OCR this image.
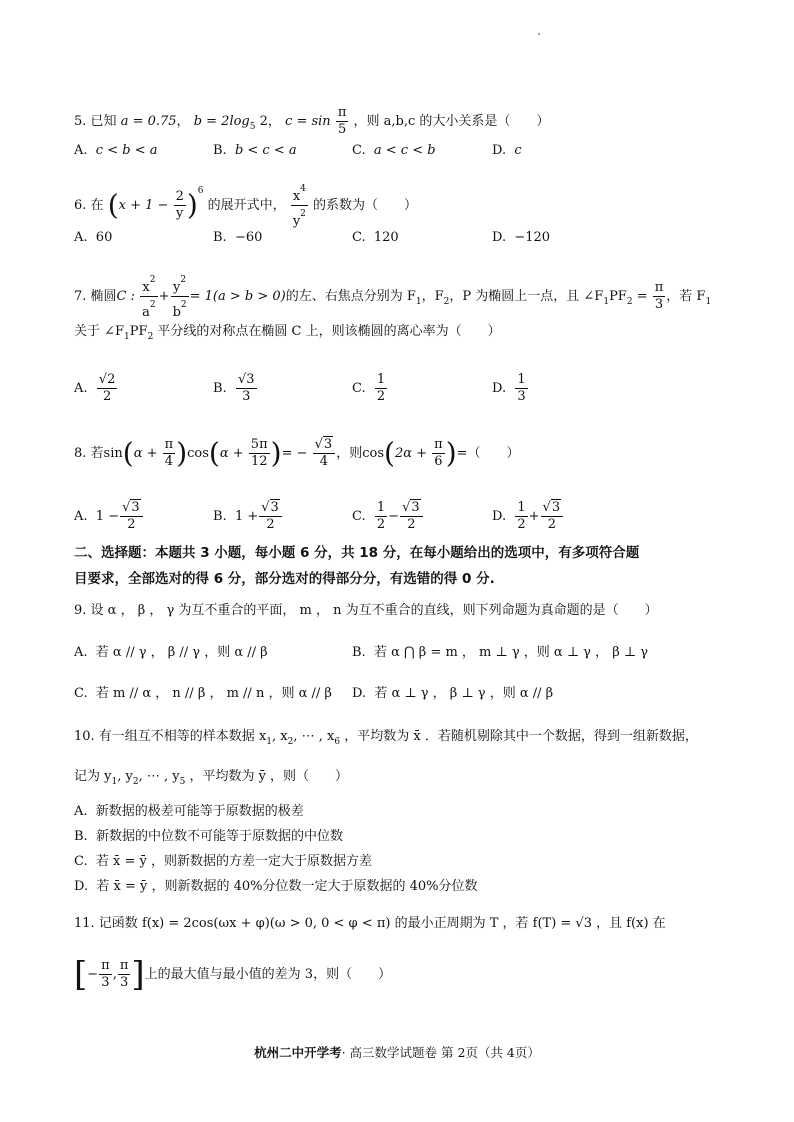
5. 已知 a = 0.75， $b = 2\log_5$ 2， $c = \sin \frac{\pi}{5}$ ，则 a,b,c 的大小关系是（　　）
A. c < b < a	B. b < c < a	C. a < c < b	D. c
6. 在 $(x + 1 - \frac{2}{y} )^6$ 的展开式中， $\frac{x^4}{y^2}$ 的系数为（　　）
A. 60	B. −60	C. 120	D. −120
7. 椭圆C : $\frac{x^2}{a^2} + \frac{y^2}{b^2} = 1(a > b > 0)$的左、右焦点分别为 $F_1$，$F_2$，P 为椭圆上一点，且 $\angle F_1PF_2 = \frac{\pi}{3}$ ，若 $F_1$
关于 $\angle F_1PF_2$ 平分线的对称点在椭圆 C 上，则该椭圆的离心率为（　　）
A. $\frac{√2}{2}$	B. $\frac{√3}{3}$	C. $\frac{1}{2}$	D. $\frac{1}{3}$
8. 若$\sin(\alpha + \frac{\pi}{4} )\cos(\alpha + \frac{5\pi}{12}$ )= − $\frac{√3}{4}$ ，则$\cos(2\alpha + \frac{\pi}{6}$ )=（　　）
A. $1 - \frac{√3}{2}$	B. $1 + \frac{√3}{2}$	C. $\frac{1}{2} - \frac{√3}{2}$	D. $\frac{1}{2} + \frac{√3}{2}$
二、选择题：本题共 3 小题，每小题 6 分，共 18 分，在每小题给出的选项中，有多项符合题
目要求，全部选对的得 6 分，部分选对的得部分分，有选错的得 0 分.
9. 设 α ， β ， γ 为互不重合的平面， m ， n 为互不重合的直线，则下列命题为真命题的是（　　）
A. 若 α // γ ， β // γ ，则 α // β	B. 若 α ⋂ β = m ， m ⊥ γ ，则 α ⊥ γ ， β ⊥ γ
C. 若 m // α ， n // β ， m // n ，则 α // β D. 若 α ⊥ γ ， β ⊥ γ ，则 α // β
10. 有一组互不相等的样本数据 $x_1$, $x_2$, ⋯ , $x_6$ ，平均数为 x̄ ．若随机剔除其中一个数据，得到一组新数据，
记为 $y_1$, $y_2$, ⋯ , $y_5$ ，平均数为 ȳ ，则（　　）
A. 新数据的极差可能等于原数据的极差
B. 新数据的中位数不可能等于原数据的中位数
C. 若 x̄ = ȳ ，则新数据的方差一定大于原数据方差
D. 若 x̄ = ȳ ，则新数据的 40%分位数一定大于原数据的 40%分位数
11. 记函数 f(x) = 2cos(ωx + φ)(ω > 0, 0 < φ < π) 的最小正周期为 T ，若 f(T) = √3 ，且 f(x) 在
[− $\frac{\pi}{3}$ , $\frac{\pi}{3}$ ]上的最大值与最小值的差为 3，则（　　）
杭州二中开学考· 高三数学试题卷 第 2页（共 4页）
